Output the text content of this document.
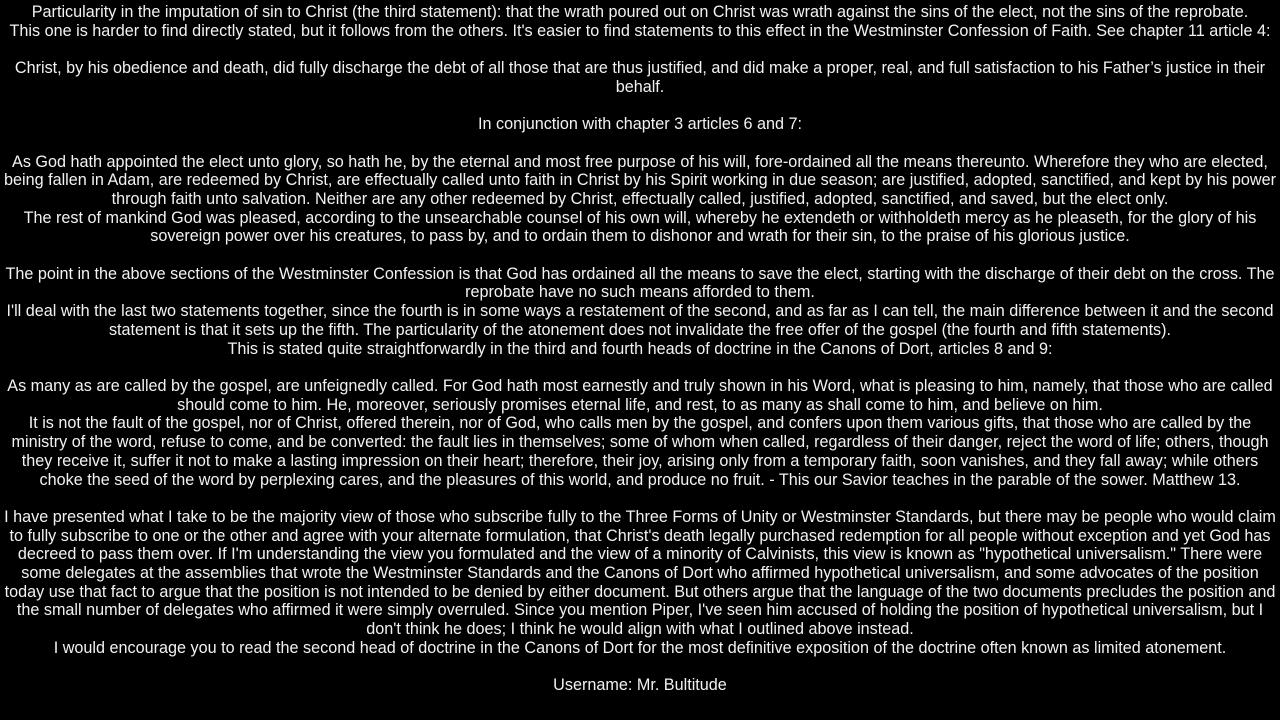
Particularity in the imputation of sin to Christ (the third statement): that the wrath poured out on Christ was wrath against the sins of the elect, not the sins of the reprobate.

This one is harder to find directly stated, but it follows from the others. It's easier to find statements to this effect in the Westminster Confession of Faith. See chapter 11 article 4:

Christ, by his obedience and death, did fully discharge the debt of all those that are thus justified, and did make a proper, real, and full satisfaction to his Father’s justice in their behalf.

In conjunction with chapter 3 articles 6 and 7:

As God hath appointed the elect unto glory, so hath he, by the eternal and most free purpose of his will, fore-ordained all the means thereunto. Wherefore they who are elected, being fallen in Adam, are redeemed by Christ, are effectually called unto faith in Christ by his Spirit working in due season; are justified, adopted, sanctified, and kept by his power through faith unto salvation. Neither are any other redeemed by Christ, effectually called, justified, adopted, sanctified, and saved, but the elect only.

The rest of mankind God was pleased, according to the unsearchable counsel of his own will, whereby he extendeth or withholdeth mercy as he pleaseth, for the glory of his sovereign power over his creatures, to pass by, and to ordain them to dishonor and wrath for their sin, to the praise of his glorious justice.

The point in the above sections of the Westminster Confession is that God has ordained all the means to save the elect, starting with the discharge of their debt on the cross. The reprobate have no such means afforded to them.

I'll deal with the last two statements together, since the fourth is in some ways a restatement of the second, and as far as I can tell, the main difference between it and the second statement is that it sets up the fifth. The particularity of the atonement does not invalidate the free offer of the gospel (the fourth and fifth statements).

This is stated quite straightforwardly in the third and fourth heads of doctrine in the Canons of Dort, articles 8 and 9:

As many as are called by the gospel, are unfeignedly called. For God hath most earnestly and truly shown in his Word, what is pleasing to him, namely, that those who are called should come to him. He, moreover, seriously promises eternal life, and rest, to as many as shall come to him, and believe on him.

It is not the fault of the gospel, nor of Christ, offered therein, nor of God, who calls men by the gospel, and confers upon them various gifts, that those who are called by the ministry of the word, refuse to come, and be converted: the fault lies in themselves; some of whom when called, regardless of their danger, reject the word of life; others, though they receive it, suffer it not to make a lasting impression on their heart; therefore, their joy, arising only from a temporary faith, soon vanishes, and they fall away; while others choke the seed of the word by perplexing cares, and the pleasures of this world, and produce no fruit. - This our Savior teaches in the parable of the sower. Matthew 13.

I have presented what I take to be the majority view of those who subscribe fully to the Three Forms of Unity or Westminster Standards, but there may be people who would claim to fully subscribe to one or the other and agree with your alternate formulation, that Christ's death legally purchased redemption for all people without exception and yet God has decreed to pass them over. If I'm understanding the view you formulated and the view of a minority of Calvinists, this view is known as "hypothetical universalism." There were some delegates at the assemblies that wrote the Westminster Standards and the Canons of Dort who affirmed hypothetical universalism, and some advocates of the position today use that fact to argue that the position is not intended to be denied by either document. But others argue that the language of the two documents precludes the position and the small number of delegates who affirmed it were simply overruled. Since you mention Piper, I've seen him accused of holding the position of hypothetical universalism, but I don't think he does; I think he would align with what I outlined above instead.

I would encourage you to read the second head of doctrine in the Canons of Dort for the most definitive exposition of the doctrine often known as limited atonement.

Username: Mr. Bultitude
